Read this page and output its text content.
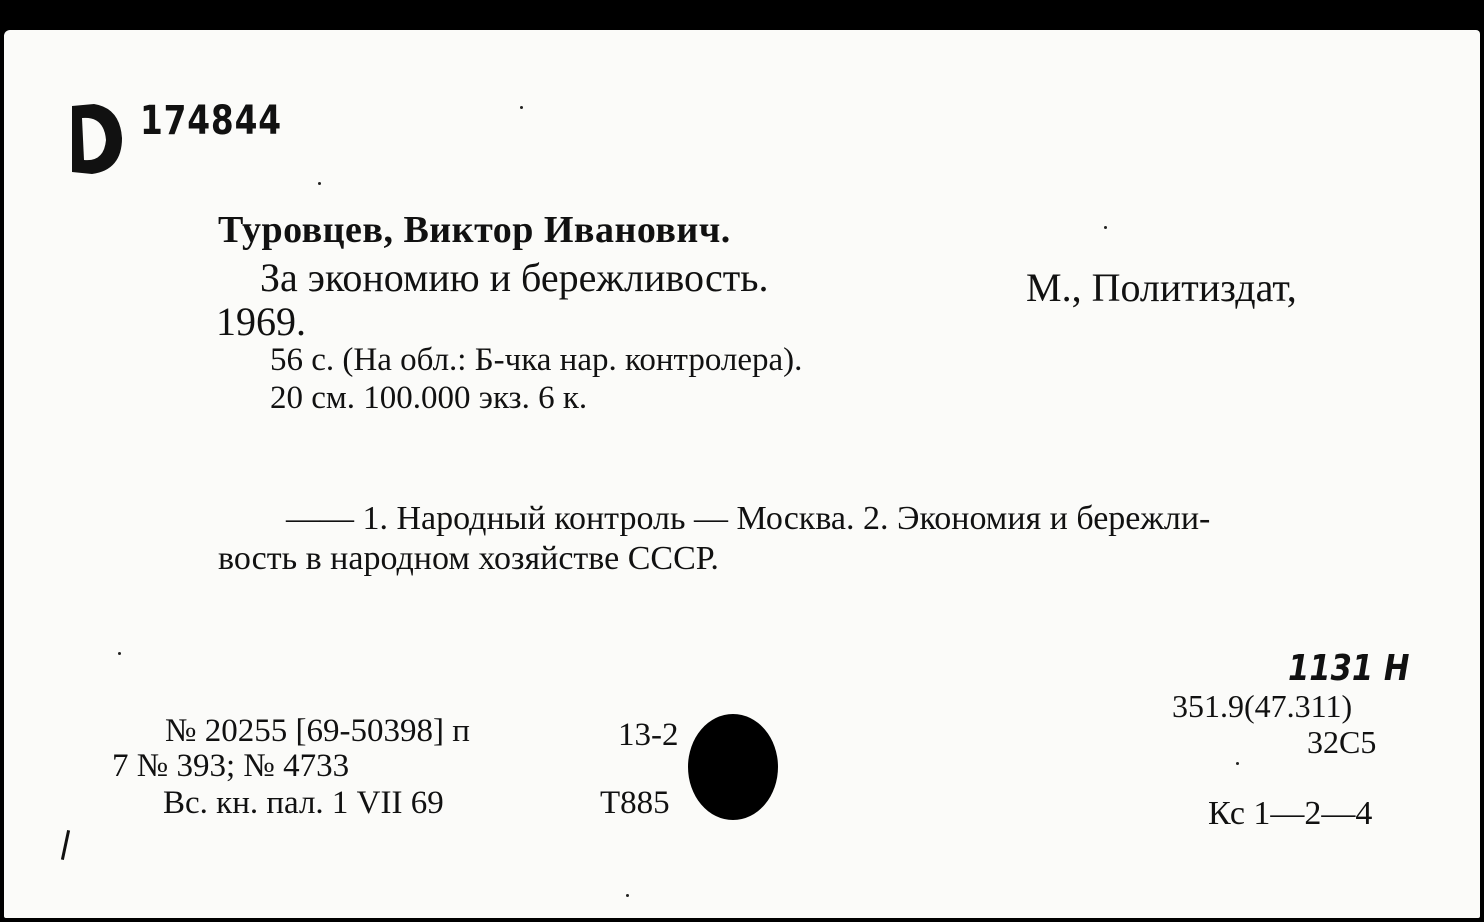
174844
Туровцев, Виктор Иванович.
За экономию и бережливость.	М., Политиздат,
1969.
56 с. (На обл.: Б-чка нар. контролера).
20 см. 100.000 экз. 6 к.
—— 1. Народный контроль — Москва. 2. Экономия и бережли-
вость в народном хозяйстве СССР.
№ 20255 [69-50398] п	13-2
7 № 393; № 4733
Вс. кн. пал. 1 VII 69	Т885
1131 Н
351.9(47.311)
32С5
Кс 1—2—4
